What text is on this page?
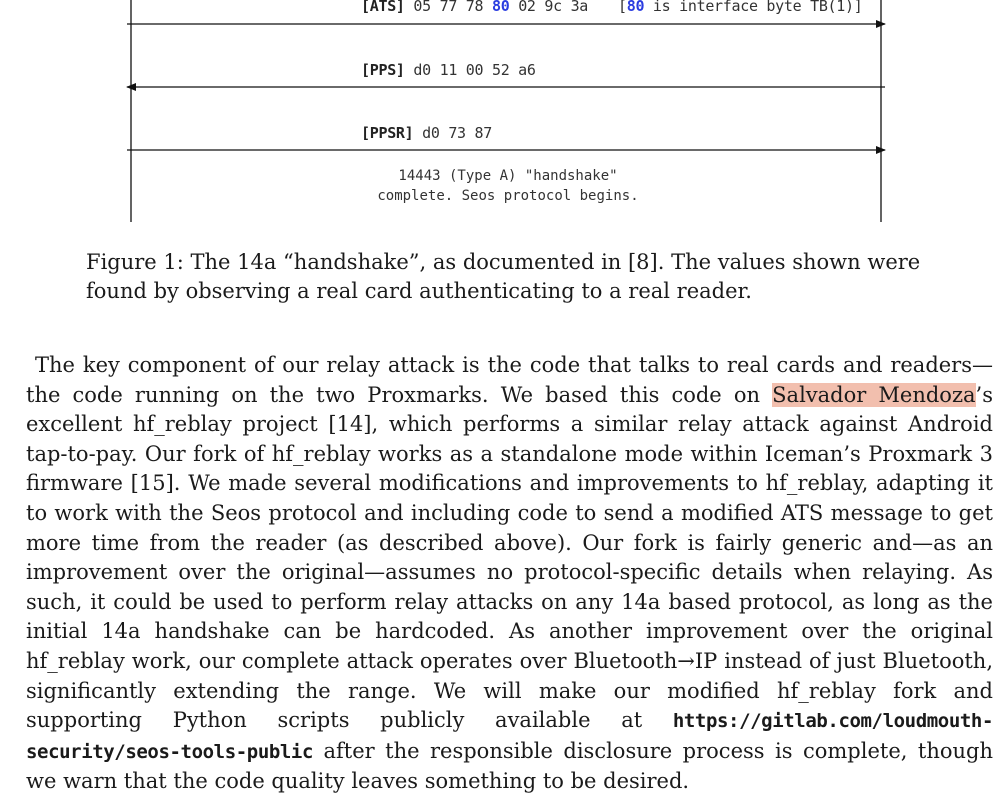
[ATS] 05 77 78 80 02 9c 3a [80 is interface byte TB(1)]
[PPS] d0 11 00 52 a6
[PPSR] d0 73 87
14443 (Type A) "handshake" complete. Seos protocol begins.

Figure 1: The 14a “handshake”, as documented in [8]. The values shown were found by observing a real card authenticating to a real reader.

The key component of our relay attack is the code that talks to real cards and readers—the code running on the two Proxmarks. We based this code on Salvador Mendoza’s excellent hf_reblay project [14], which performs a similar relay attack against Android tap-to-pay. Our fork of hf_reblay works as a standalone mode within Iceman’s Proxmark 3 firmware [15]. We made several modifications and improvements to hf_reblay, adapting it to work with the Seos protocol and including code to send a modified ATS message to get more time from the reader (as described above). Our fork is fairly generic and—as an improvement over the original—assumes no protocol-specific details when relaying. As such, it could be used to perform relay attacks on any 14a based protocol, as long as the initial 14a handshake can be hardcoded. As another improvement over the original hf_reblay work, our complete attack operates over Bluetooth→IP instead of just Bluetooth, significantly extending the range. We will make our modified hf_reblay fork and supporting Python scripts publicly available at https://gitlab.com/loudmouth-security/seos-tools-public after the responsible disclosure process is complete, though we warn that the code quality leaves something to be desired.
